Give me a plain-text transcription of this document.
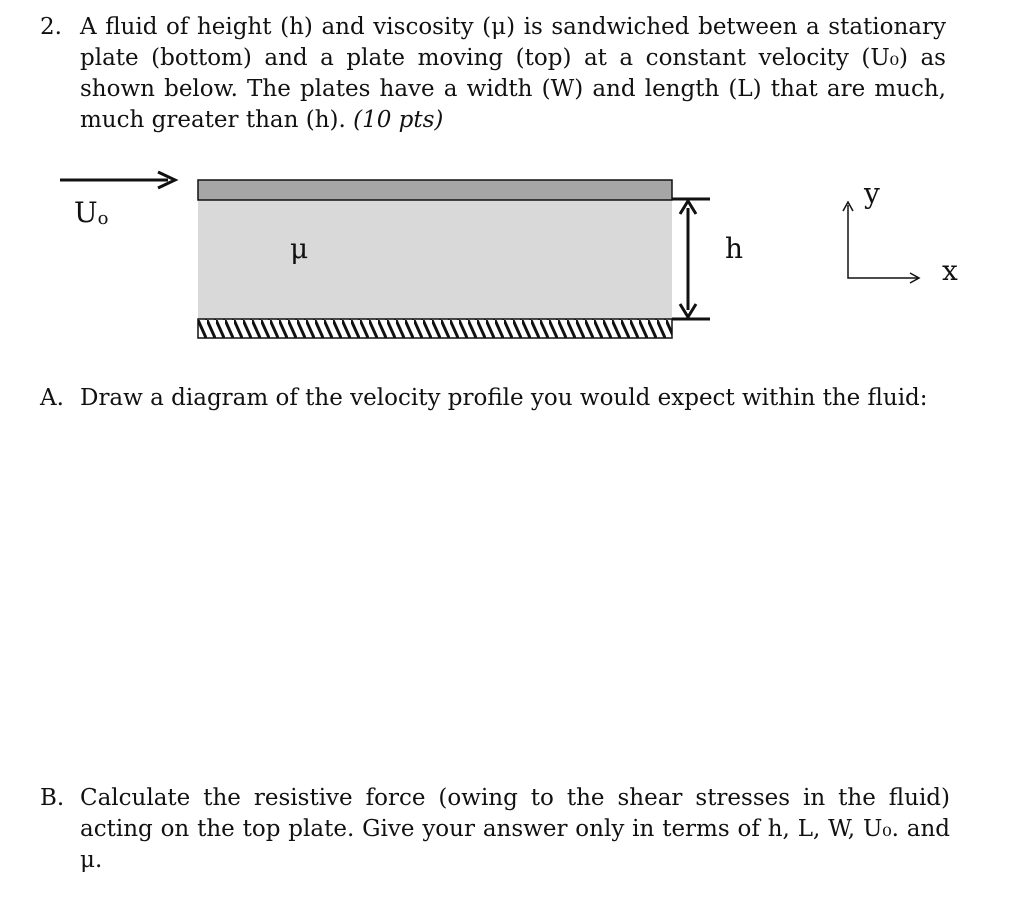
2. A fluid of height (h) and viscosity (μ) is sandwiched between a stationary plate (bottom) and a plate moving (top) at a constant velocity (U₀) as shown below. The plates have a width (W) and length (L) that are much, much greater than (h). (10 pts)
Uo
μ	h
y
x
A. Draw a diagram of the velocity profile you would expect within the fluid:
B. Calculate the resistive force (owing to the shear stresses in the fluid) acting on the top plate. Give your answer only in terms of h, L, W, U₀. and μ.
